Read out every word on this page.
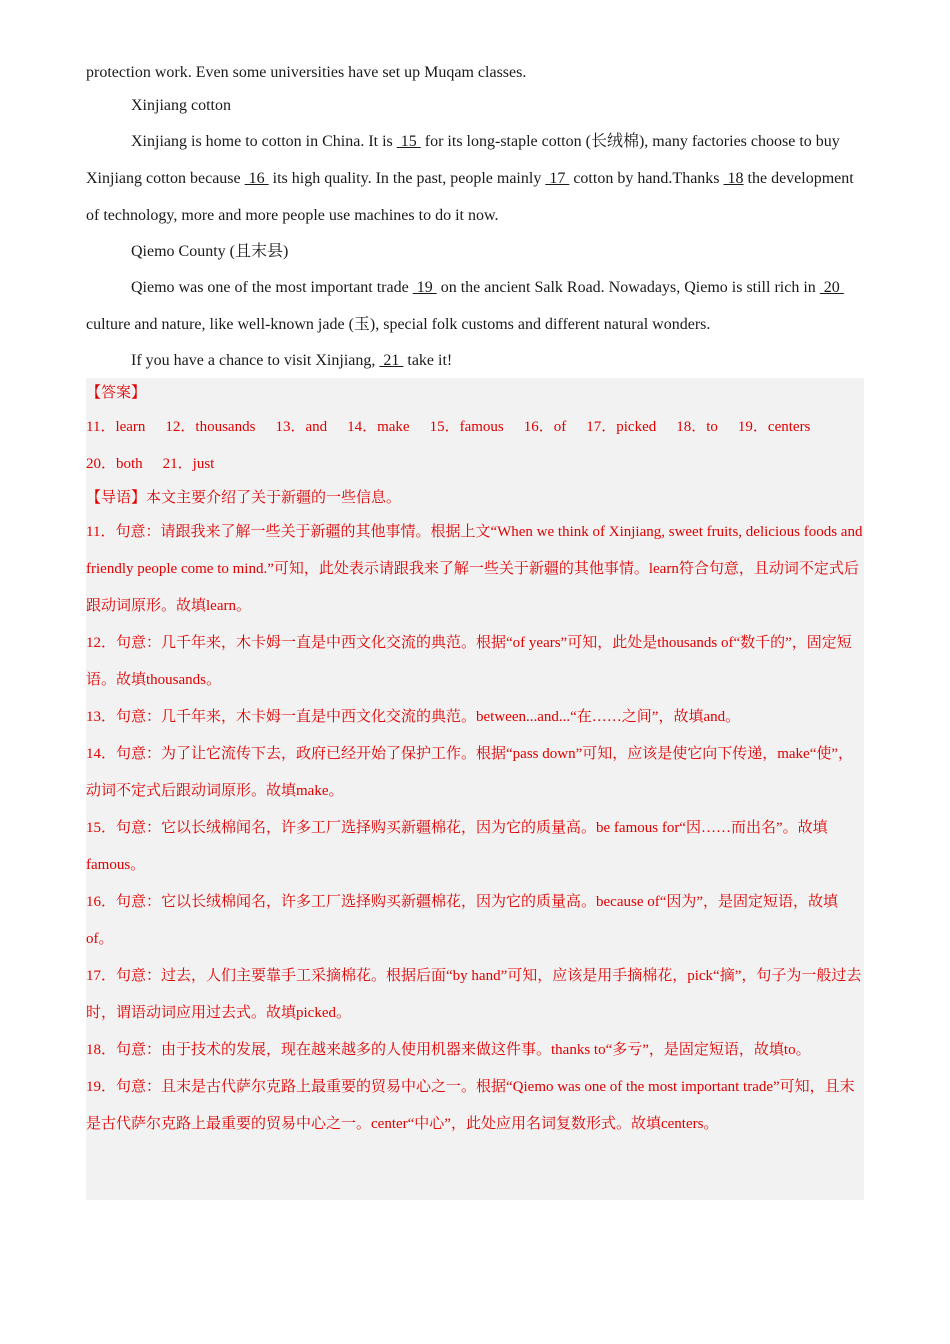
protection work. Even some universities have set up Muqam classes.

Xinjiang cotton

Xinjiang is home to cotton in China. It is  15  for its long-staple cotton (长绒棉), many factories choose to buy Xinjiang cotton because  16  its high quality. In the past, people mainly  17  cotton by hand.Thanks  18 the development of technology, more and more people use machines to do it now.

Qiemo County (且末县)

Qiemo was one of the most important trade  19  on the ancient Salk Road. Nowadays, Qiemo is still rich in  20  culture and nature, like well-known jade (玉), special folk customs and different natural wonders.

If you have a chance to visit Xinjiang,  21  take it!

【答案】

11．learn 12．thousands 13．and 14．make 15．famous 16．of 17．picked 18．to 19．centers
20．both 21．just

【导语】本文主要介绍了关于新疆的一些信息。

11．句意：请跟我来了解一些关于新疆的其他事情。根据上文“When we think of Xinjiang, sweet fruits, delicious foods and friendly people come to mind.”可知，此处表示请跟我来了解一些关于新疆的其他事情。learn符合句意，且动词不定式后跟动词原形。故填learn。

12．句意：几千年来，木卡姆一直是中西文化交流的典范。根据“of years”可知，此处是thousands of“数千的”，固定短语。故填thousands。

13．句意：几千年来，木卡姆一直是中西文化交流的典范。between...and...“在……之间”，故填and。

14．句意：为了让它流传下去，政府已经开始了保护工作。根据“pass down”可知，应该是使它向下传递，make“使”，动词不定式后跟动词原形。故填make。

15．句意：它以长绒棉闻名，许多工厂选择购买新疆棉花，因为它的质量高。be famous for“因……而出名”。故填famous。

16．句意：它以长绒棉闻名，许多工厂选择购买新疆棉花，因为它的质量高。because of“因为”，是固定短语，故填of。

17．句意：过去，人们主要靠手工采摘棉花。根据后面“by hand”可知，应该是用手摘棉花，pick“摘”，句子为一般过去时，谓语动词应用过去式。故填picked。

18．句意：由于技术的发展，现在越来越多的人使用机器来做这件事。thanks to“多亏”，是固定短语，故填to。

19．句意：且末是古代萨尔克路上最重要的贸易中心之一。根据“Qiemo was one of the most important trade”可知，且末是古代萨尔克路上最重要的贸易中心之一。center“中心”，此处应用名词复数形式。故填centers。
